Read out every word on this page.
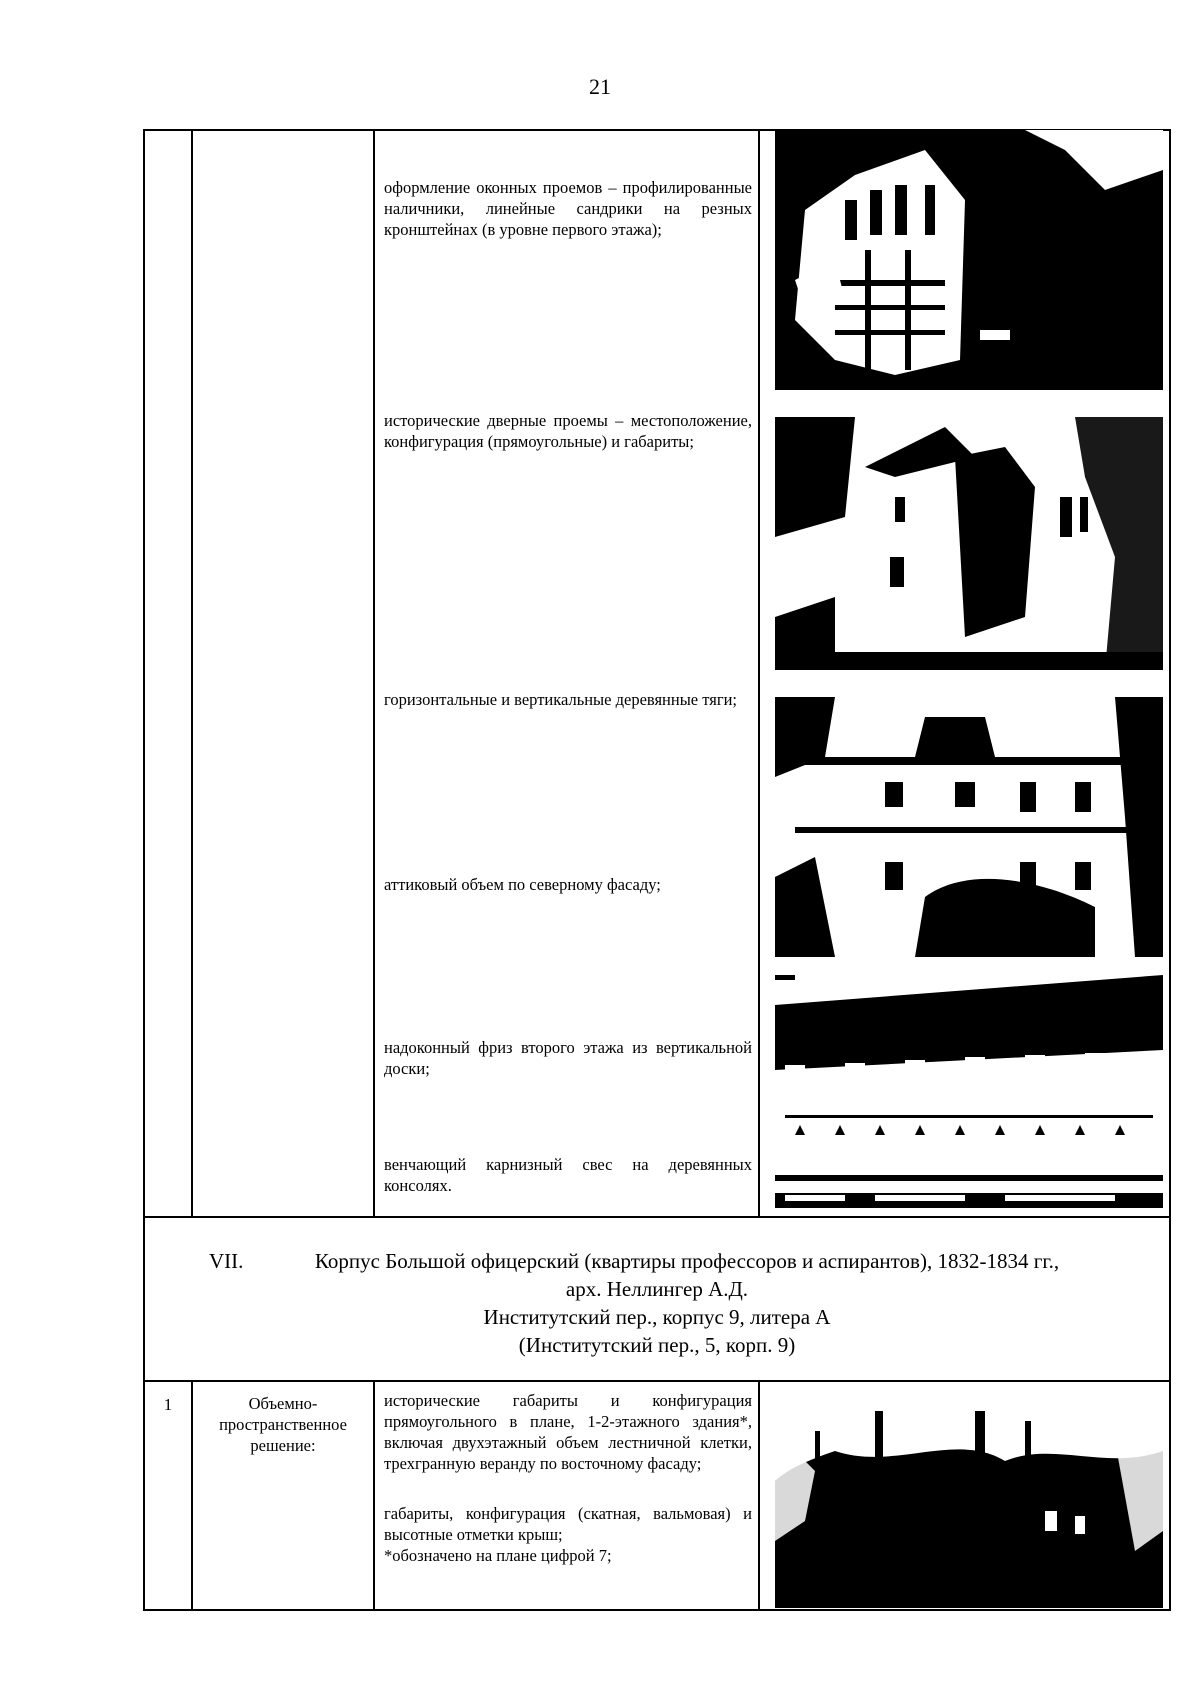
21
оформление оконных проемов – профилированные наличники, линейные сандрики на резных кронштейнах (в уровне первого этажа);
исторические дверные проемы – местоположение, конфигурация (прямоугольные) и габариты;
горизонтальные и вертикальные деревянные тяги;
аттиковый объем по северному фасаду;
надоконный фриз второго этажа из вертикальной доски;
венчающий карнизный свес на деревянных консолях.
VII.	Корпус Большой офицерский (квартиры профессоров и аспирантов), 1832-1834 гг.,
арх. Неллингер А.Д.
Институтский пер., корпус 9, литера А
(Институтский пер., 5, корп. 9)
1	Объемно-пространственное решение:
исторические габариты и конфигурация прямоугольного в плане, 1-2-этажного здания*, включая двухэтажный объем лестничной клетки, трехгранную веранду по восточному фасаду;
габариты, конфигурация (скатная, вальмовая) и высотные отметки крыш;
*обозначено на плане цифрой 7;
